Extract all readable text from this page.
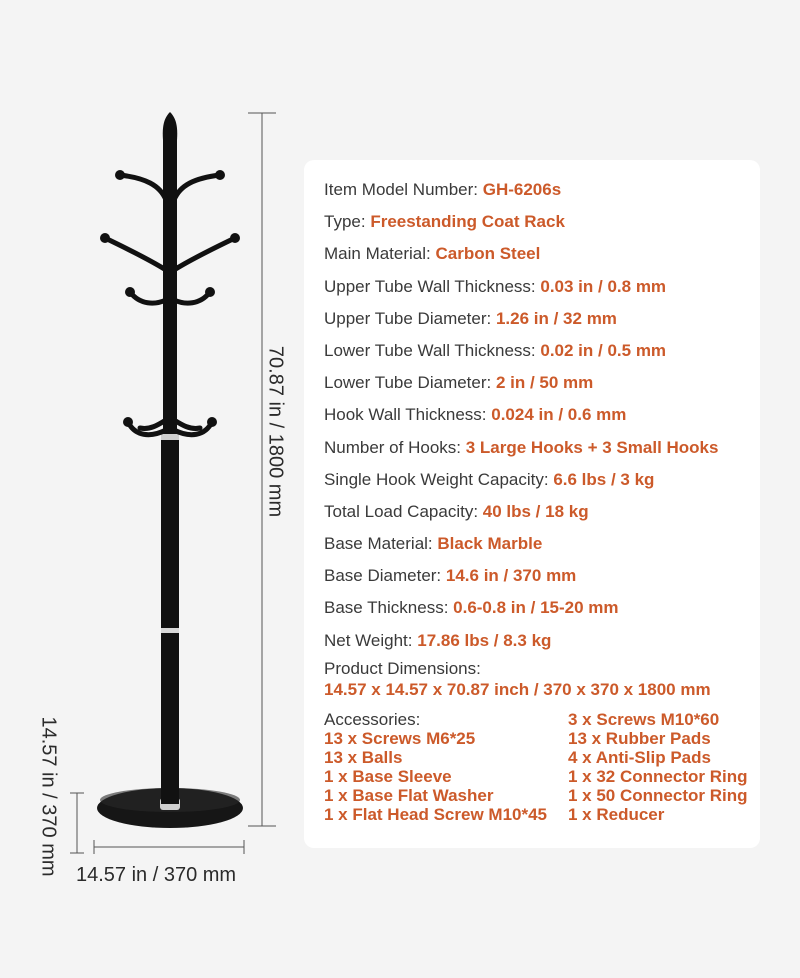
70.87 in / 1800 mm
14.57 in / 370 mm 14.57 in / 370 mm
Item Model Number: GH-6206s
Type: Freestanding Coat Rack
Main Material: Carbon Steel
Upper Tube Wall Thickness: 0.03 in / 0.8 mm
Upper Tube Diameter: 1.26 in / 32 mm
Lower Tube Wall Thickness: 0.02 in / 0.5 mm
Lower Tube Diameter: 2 in / 50 mm
Hook Wall Thickness: 0.024 in / 0.6 mm
Number of Hooks: 3 Large Hooks + 3 Small Hooks
Single Hook Weight Capacity: 6.6 lbs / 3 kg
Total Load Capacity: 40 lbs / 18 kg
Base Material: Black Marble
Base Diameter: 14.6 in / 370 mm
Base Thickness: 0.6-0.8 in / 15-20 mm
Net Weight: 17.86 lbs / 8.3 kg
Product Dimensions:
14.57 x 14.57 x 70.87 inch / 370 x 370 x 1800 mm
Accessories:
13 x Screws M6*25
13 x Balls
1 x Base Sleeve
1 x Base Flat Washer
1 x Flat Head Screw M10*45
3 x Screws M10*60
13 x Rubber Pads
4 x Anti-Slip Pads
1 x 32 Connector Ring
1 x 50 Connector Ring
1 x Reducer
